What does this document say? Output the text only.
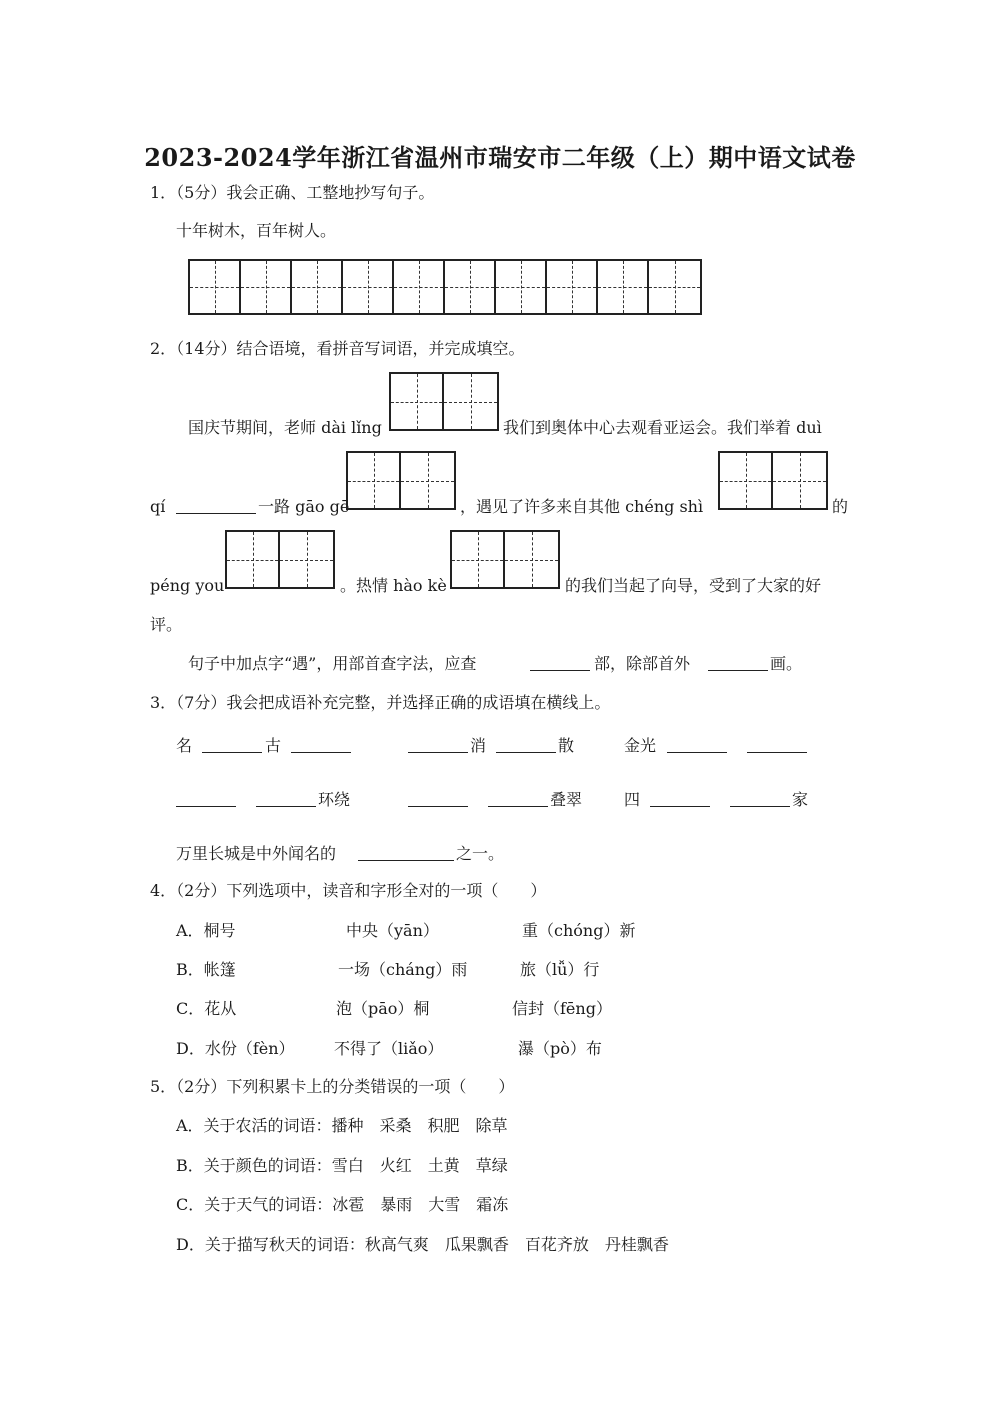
2023-2024学年浙江省温州市瑞安市二年级（上）期中语文试卷
1．（5分）我会正确、工整地抄写句子。
十年树木，百年树人。
2．（14分）结合语境，看拼音写词语，并完成填空。
国庆节期间，老师 dài lǐng	我们到奥体中心去观看亚运会。我们举着 duì
qí	一路 gāo gē	，遇见了许多来自其他 chéng shì	的
péng you	。热情 hào kè	的我们当起了向导，受到了大家的好
评。
句子中加点字“遇”，用部首查字法，应查	部，除部首外	画。
3．（7分）我会把成语补充完整，并选择正确的成语填在横线上。
名	古	消	散	金光
环绕	叠翠	四	家
万里长城是中外闻名的	之一。
4．（2分）下列选项中，读音和字形全对的一项（　　）
A．桐号	中央（yān）	重（chóng）新
B．帐篷	一场（cháng）雨	旅（lǚ）行
C．花从	泡（pāo）桐	信封（fēng）
D．水份（fèn） 不得了（liǎo）	瀑（pò）布
5．（2分）下列积累卡上的分类错误的一项（　　）
A．关于农活的词语：播种　采桑　积肥　除草
B．关于颜色的词语：雪白　火红　土黄　草绿
C．关于天气的词语：冰雹　暴雨　大雪　霜冻
D．关于描写秋天的词语：秋高气爽　瓜果飘香　百花齐放　丹桂飘香
